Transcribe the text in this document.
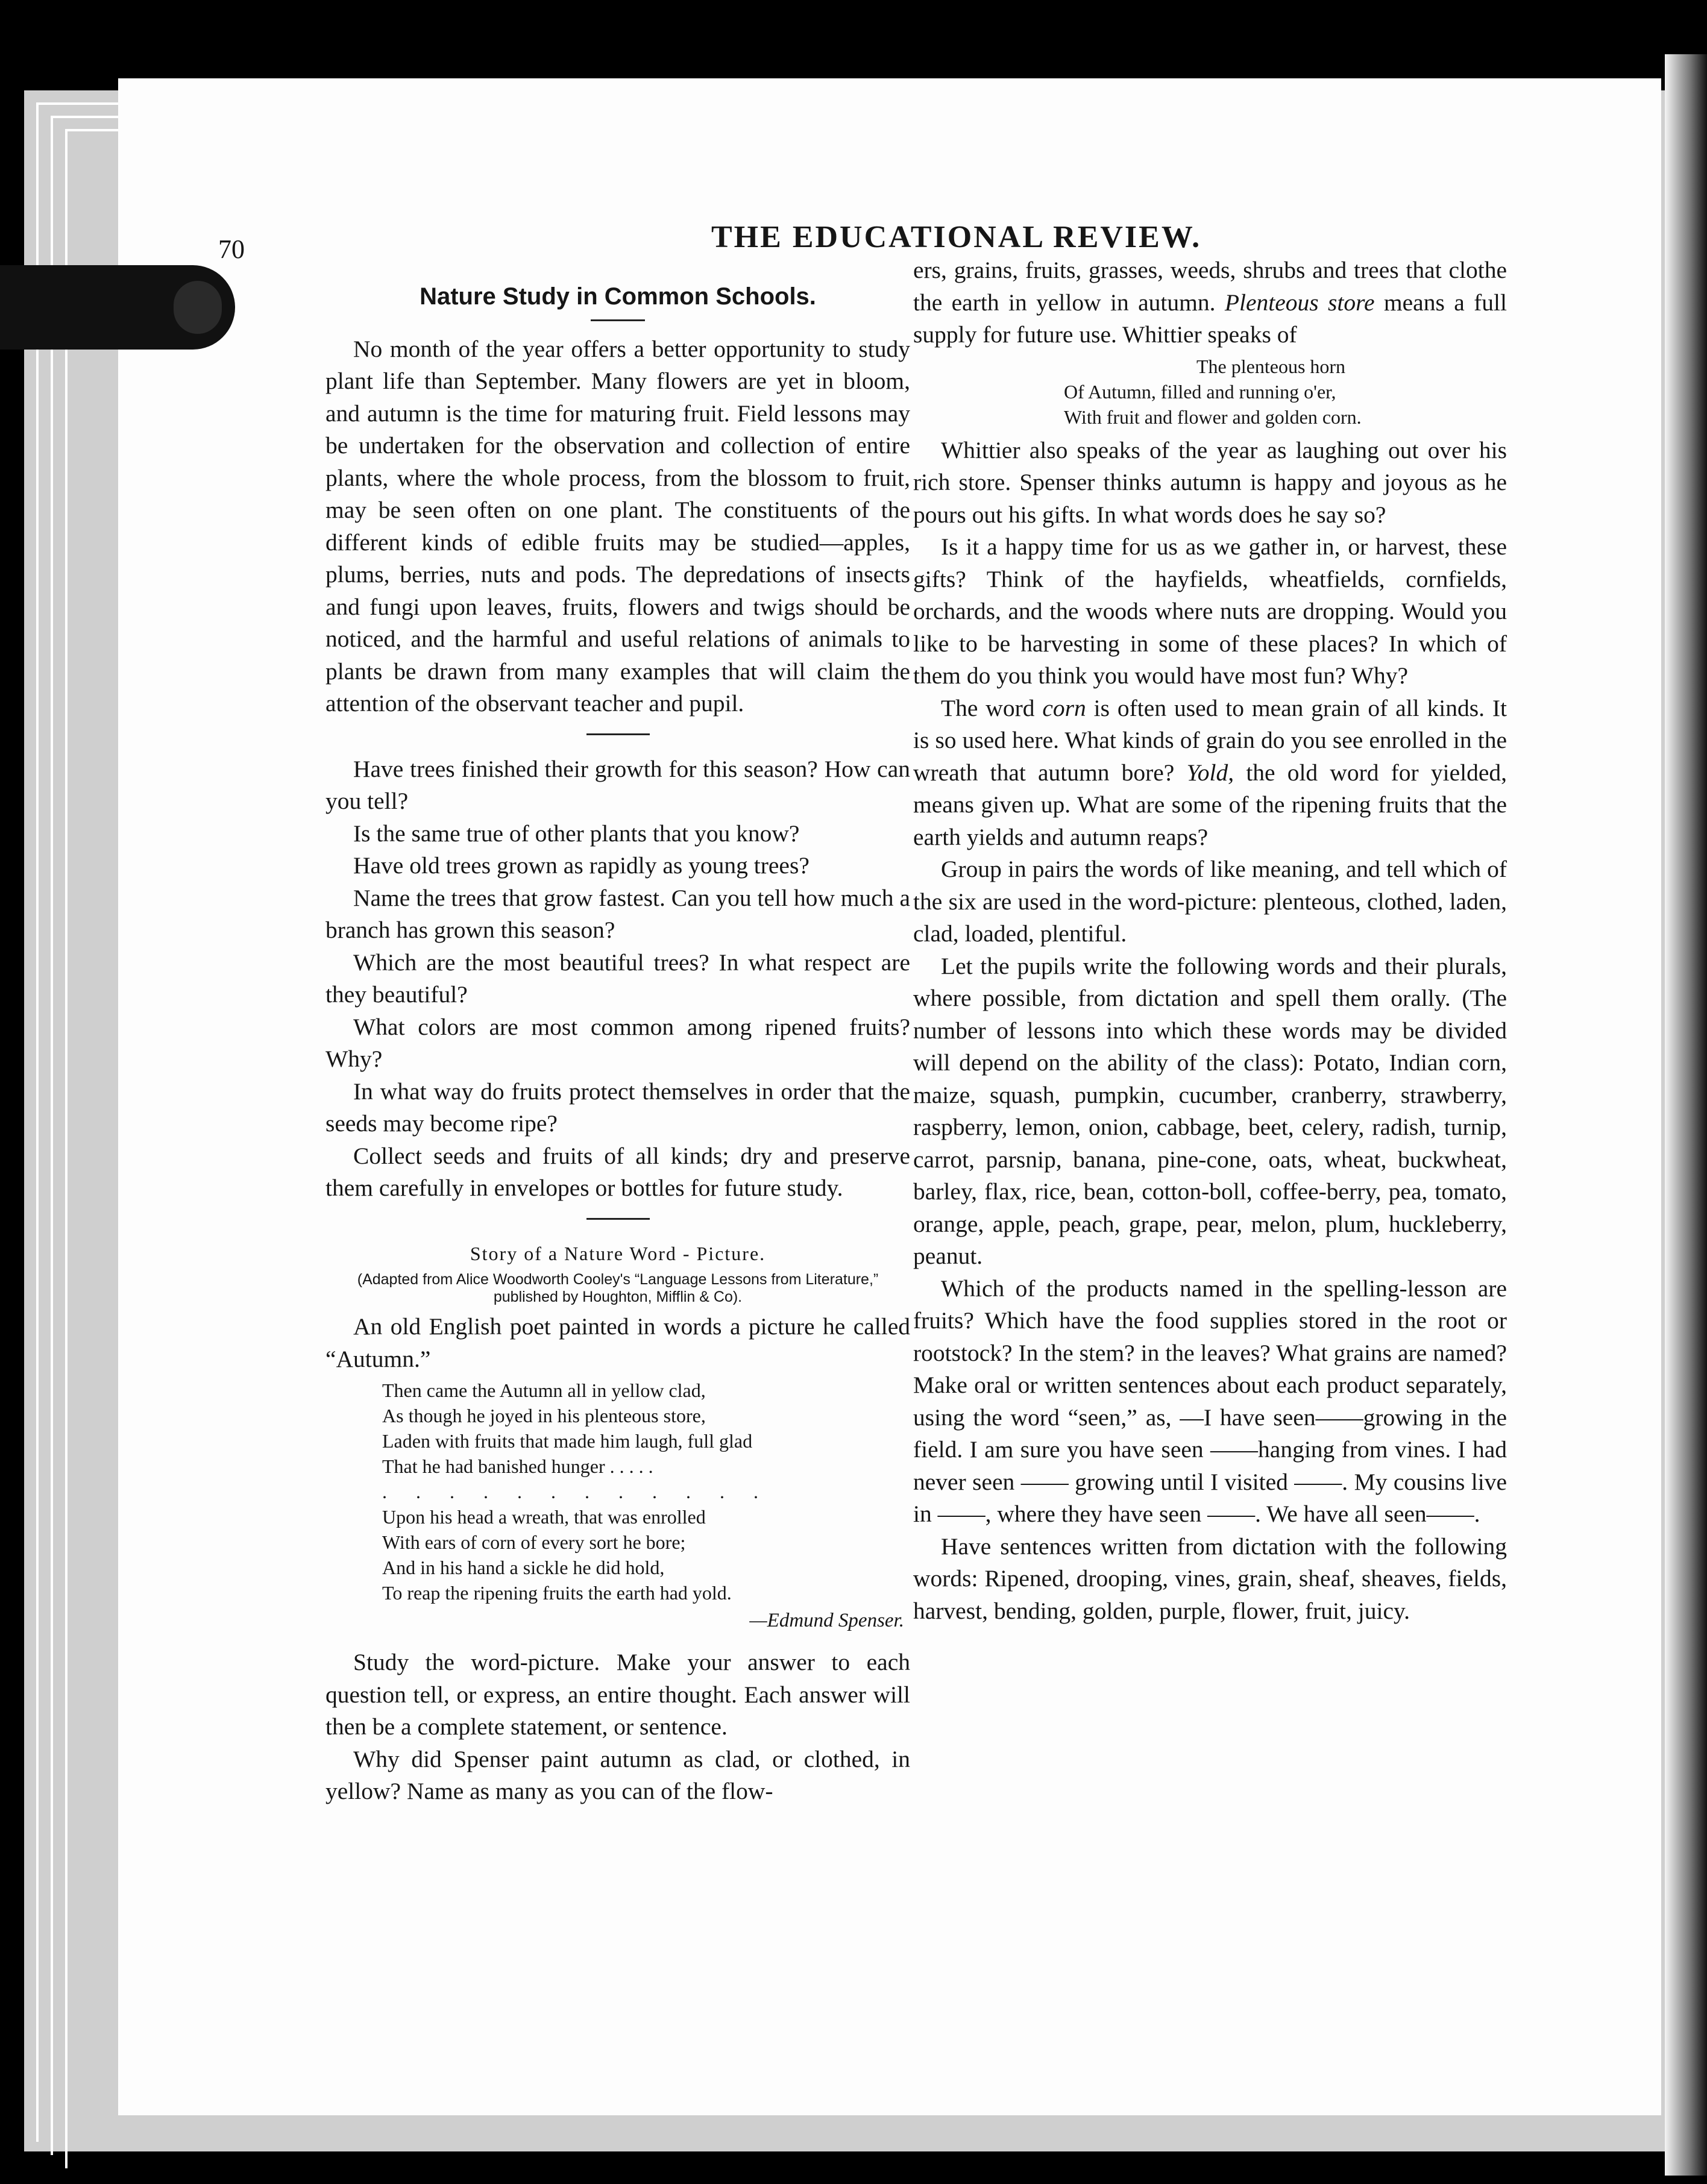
70	THE EDUCATIONAL REVIEW.
Nature Study in Common Schools.

No month of the year offers a better opportunity to study plant life than September. Many flowers are yet in bloom, and autumn is the time for maturing fruit. Field lessons may be undertaken for the observation and collection of entire plants, where the whole process, from the blossom to fruit, may be seen often on one plant. The constituents of the different kinds of edible fruits may be studied—apples, plums, berries, nuts and pods. The depredations of insects and fungi upon leaves, fruits, flowers and twigs should be noticed, and the harmful and useful relations of animals to plants be drawn from many examples that will claim the attention of the observant teacher and pupil.

Have trees finished their growth for this season? How can you tell?

Is the same true of other plants that you know?

Have old trees grown as rapidly as young trees?

Name the trees that grow fastest. Can you tell how much a branch has grown this season?

Which are the most beautiful trees? In what respect are they beautiful?

What colors are most common among ripened fruits? Why?

In what way do fruits protect themselves in order that the seeds may become ripe?

Collect seeds and fruits of all kinds; dry and preserve them carefully in envelopes or bottles for future study.

Story of a Nature Word - Picture.
(Adapted from Alice Woodworth Cooley's “Language Lessons from Literature,” published by Houghton, Mifflin & Co).

An old English poet painted in words a picture he called “Autumn.”

Then came the Autumn all in yellow clad,
As though he joyed in his plenteous store,
Laden with fruits that made him laugh, full glad
That he had banished hunger . . . . .
. . . . . . . . . . . .
Upon his head a wreath, that was enrolled
With ears of corn of every sort he bore;
And in his hand a sickle he did hold,
To reap the ripening fruits the earth had yold.
—Edmund Spenser.

Study the word-picture. Make your answer to each question tell, or express, an entire thought. Each answer will then be a complete statement, or sentence.

Why did Spenser paint autumn as clad, or clothed, in yellow? Name as many as you can of the flow-

ers, grains, fruits, grasses, weeds, shrubs and trees that clothe the earth in yellow in autumn. Plenteous store means a full supply for future use. Whittier speaks of

The plenteous horn
Of Autumn, filled and running o'er,
With fruit and flower and golden corn.

Whittier also speaks of the year as laughing out over his rich store. Spenser thinks autumn is happy and joyous as he pours out his gifts. In what words does he say so?

Is it a happy time for us as we gather in, or harvest, these gifts? Think of the hayfields, wheatfields, cornfields, orchards, and the woods where nuts are dropping. Would you like to be harvesting in some of these places? In which of them do you think you would have most fun? Why?

The word corn is often used to mean grain of all kinds. It is so used here. What kinds of grain do you see enrolled in the wreath that autumn bore? Yold, the old word for yielded, means given up. What are some of the ripening fruits that the earth yields and autumn reaps?

Group in pairs the words of like meaning, and tell which of the six are used in the word-picture: plenteous, clothed, laden, clad, loaded, plentiful.

Let the pupils write the following words and their plurals, where possible, from dictation and spell them orally. (The number of lessons into which these words may be divided will depend on the ability of the class): Potato, Indian corn, maize, squash, pumpkin, cucumber, cranberry, strawberry, raspberry, lemon, onion, cabbage, beet, celery, radish, turnip, carrot, parsnip, banana, pine-cone, oats, wheat, buckwheat, barley, flax, rice, bean, cotton-boll, coffee-berry, pea, tomato, orange, apple, peach, grape, pear, melon, plum, huckleberry, peanut.

Which of the products named in the spelling-lesson are fruits? Which have the food supplies stored in the root or rootstock? In the stem? in the leaves? What grains are named? Make oral or written sentences about each product separately, using the word “seen,” as, —I have seen——growing in the field. I am sure you have seen ——hanging from vines. I had never seen —— growing until I visited ——. My cousins live in ——, where they have seen ——. We have all seen——.

Have sentences written from dictation with the following words: Ripened, drooping, vines, grain, sheaf, sheaves, fields, harvest, bending, golden, purple, flower, fruit, juicy.
